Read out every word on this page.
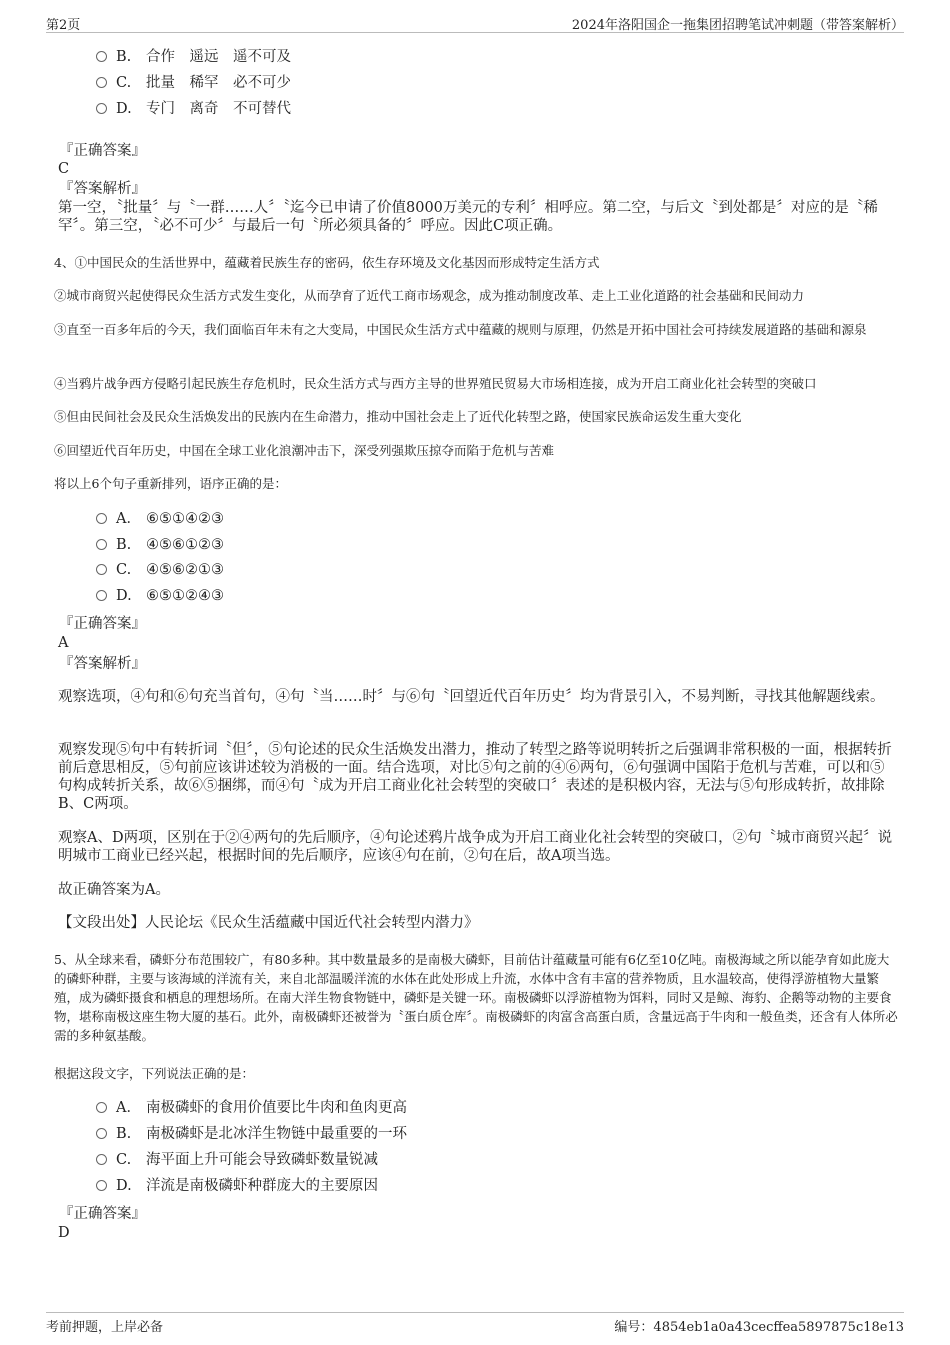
第2页	2024年洛阳国企一拖集团招聘笔试冲刺题（带答案解析）
B. 合作　遥远　遥不可及
C. 批量　稀罕　必不可少
D. 专门　离奇　不可替代
『正确答案』
C
『答案解析』
第一空，〝批量〞与〝一群……人〞〝迄今已申请了价值8000万美元的专利〞相呼应。第二空，与后文〝到处都是〞对应的是〝稀罕〞。第三空，〝必不可少〞与最后一句〝所必须具备的〞呼应。因此C项正确。
4、①中国民众的生活世界中，蕴藏着民族生存的密码，依生存环境及文化基因而形成特定生活方式
②城市商贸兴起使得民众生活方式发生变化，从而孕育了近代工商市场观念，成为推动制度改革、走上工业化道路的社会基础和民间动力
③直至一百多年后的今天，我们面临百年未有之大变局，中国民众生活方式中蕴藏的规则与原理，仍然是开拓中国社会可持续发展道路的基础和源泉
④当鸦片战争西方侵略引起民族生存危机时，民众生活方式与西方主导的世界殖民贸易大市场相连接，成为开启工商业化社会转型的突破口
⑤但由民间社会及民众生活焕发出的民族内在生命潜力，推动中国社会走上了近代化转型之路，使国家民族命运发生重大变化
⑥回望近代百年历史，中国在全球工业化浪潮冲击下，深受列强欺压掠夺而陷于危机与苦难
将以上6个句子重新排列，语序正确的是：
A． ⑥⑤①④②③
B. ④⑤⑥①②③
C. ④⑤⑥②①③
D. ⑥⑤①②④③
『正确答案』
A
『答案解析』
观察选项，④句和⑥句充当首句，④句〝当……时〞与⑥句〝回望近代百年历史〞均为背景引入，不易判断，寻找其他解题线索。
观察发现⑤句中有转折词〝但〞，⑤句论述的民众生活焕发出潜力，推动了转型之路等说明转折之后强调非常积极的一面，根据转折前后意思相反，⑤句前应该讲述较为消极的一面。结合选项，对比⑤句之前的④⑥两句，⑥句强调中国陷于危机与苦难，可以和⑤句构成转折关系，故⑥⑤捆绑，而④句〝成为开启工商业化社会转型的突破口〞表述的是积极内容，无法与⑤句形成转折，故排除B、C两项。
观察A、D两项，区别在于②④两句的先后顺序，④句论述鸦片战争成为开启工商业化社会转型的突破口，②句〝城市商贸兴起〞说明城市工商业已经兴起，根据时间的先后顺序，应该④句在前，②句在后，故A项当选。
故正确答案为A。
【文段出处】人民论坛《民众生活蕴藏中国近代社会转型内潜力》
5、从全球来看，磷虾分布范围较广，有80多种。其中数量最多的是南极大磷虾，目前估计蕴藏量可能有6亿至10亿吨。南极海域之所以能孕育如此庞大的磷虾种群，主要与该海域的洋流有关，来自北部温暖洋流的水体在此处形成上升流，水体中含有丰富的营养物质，且水温较高，使得浮游植物大量繁殖，成为磷虾摄食和栖息的理想场所。在南大洋生物食物链中，磷虾是关键一环。南极磷虾以浮游植物为饵料，同时又是鲸、海豹、企鹅等动物的主要食物，堪称南极这座生物大厦的基石。此外，南极磷虾还被誉为〝蛋白质仓库〞。南极磷虾的肉富含高蛋白质，含量远高于牛肉和一般鱼类，还含有人体所必需的多种氨基酸。
根据这段文字，下列说法正确的是：
A． 南极磷虾的食用价值要比牛肉和鱼肉更高
B. 南极磷虾是北冰洋生物链中最重要的一环
C. 海平面上升可能会导致磷虾数量锐减
D. 洋流是南极磷虾种群庞大的主要原因
『正确答案』
D
考前押题，上岸必备	编号：4854eb1a0a43cecffea5897875c18e13
